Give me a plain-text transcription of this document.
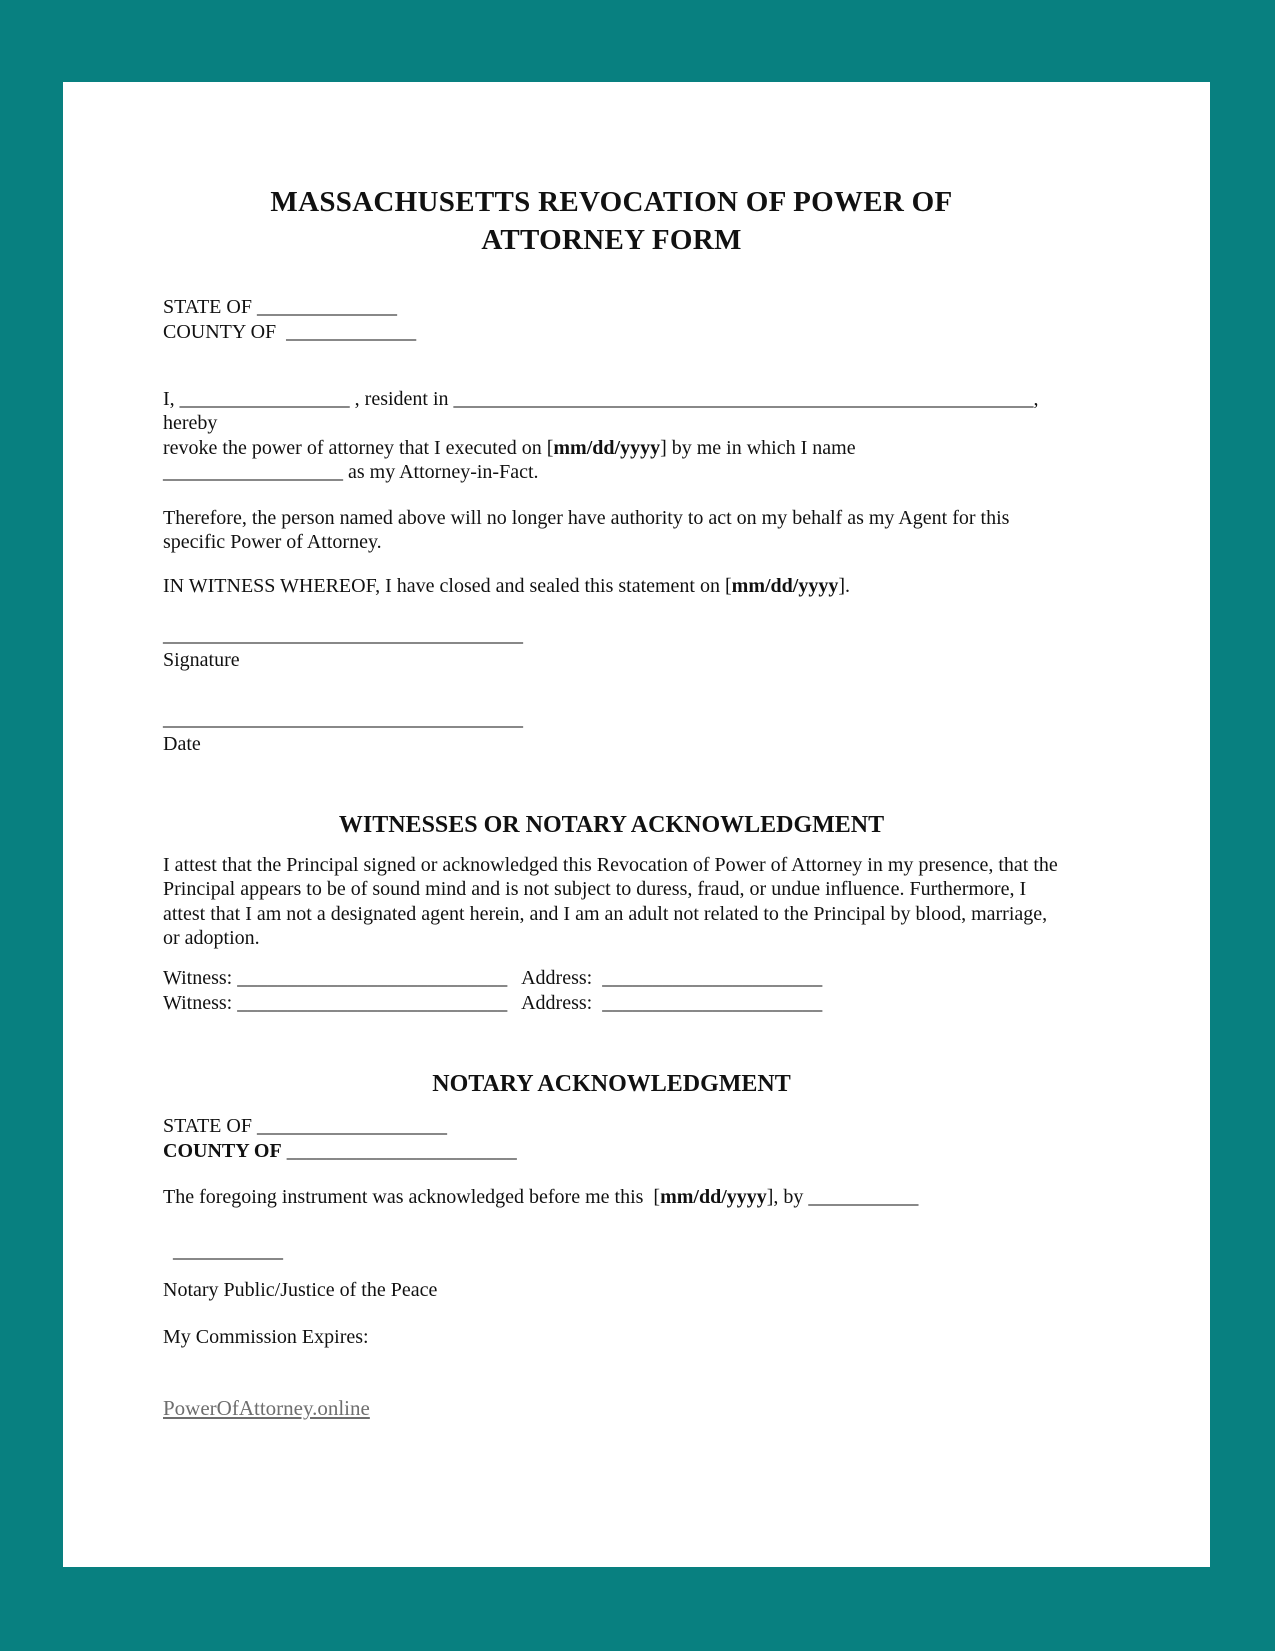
MASSACHUSETTS REVOCATION OF POWER OF
ATTORNEY FORM
STATE OF ______________
COUNTY OF  _____________

I, _________________ , resident in __________________________________________________________, hereby
revoke the power of attorney that I executed on [mm/dd/yyyy] by me in which I name
__________________ as my Attorney-in-Fact.

Therefore, the person named above will no longer have authority to act on my behalf as my Agent for this specific Power of Attorney.

IN WITNESS WHEREOF, I have closed and sealed this statement on [mm/dd/yyyy].

____________________________________
Signature
____________________________________
Date
WITNESSES OR NOTARY ACKNOWLEDGMENT

I attest that the Principal signed or acknowledged this Revocation of Power of Attorney in my presence, that the Principal appears to be of sound mind and is not subject to duress, fraud, or undue influence. Furthermore, I attest that I am not a designated agent herein, and I am an adult not related to the Principal by blood, marriage, or adoption.

Witness: ___________________________   Address:  ______________________
Witness: ___________________________   Address:  ______________________
NOTARY ACKNOWLEDGMENT
STATE OF ___________________
COUNTY OF _______________________

The foregoing instrument was acknowledged before me this  [mm/dd/yyyy], by ___________

___________
Notary Public/Justice of the Peace
My Commission Expires:
PowerOfAttorney.online
